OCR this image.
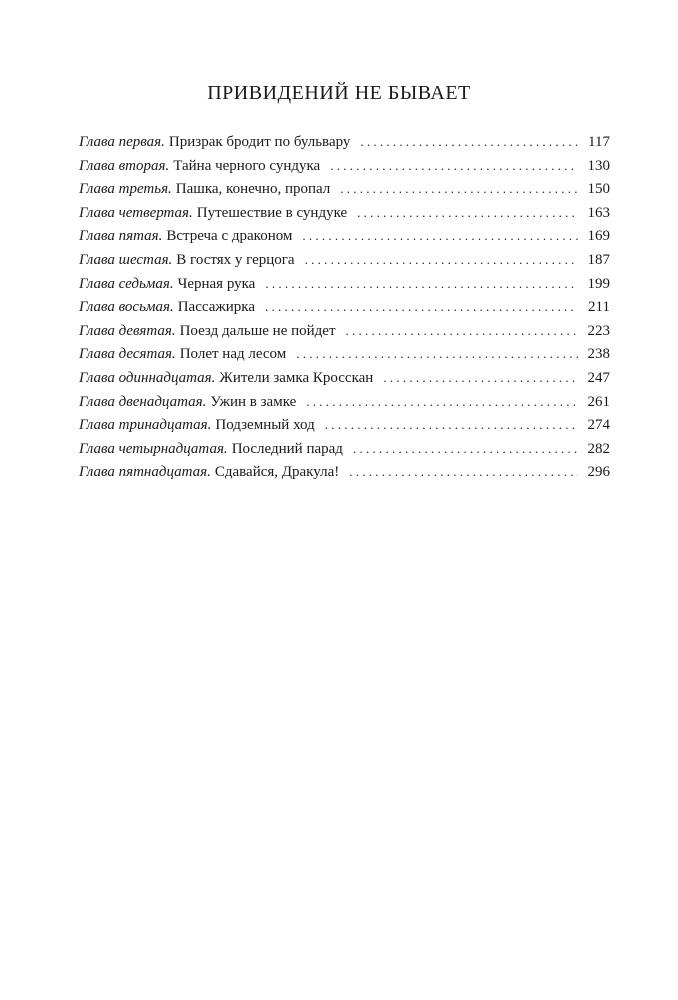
ПРИВИДЕНИЙ НЕ БЫВАЕТ
Глава первая. Призрак бродит по бульвару . . .	117
Глава вторая. Тайна черного сундука . . .	130
Глава третья. Пашка, конечно, пропал . . .	150
Глава четвертая. Путешествие в сундуке . . .	163
Глава пятая. Встреча с драконом . . .	169
Глава шестая. В гостях у герцога . . .	187
Глава седьмая. Черная рука . . .	199
Глава восьмая. Пассажирка . . .	211
Глава девятая. Поезд дальше не пойдет . . .	223
Глава десятая. Полет над лесом . . .	238
Глава одиннадцатая. Жители замка Кросскан . . .	247
Глава двенадцатая. Ужин в замке . . .	261
Глава тринадцатая. Подземный ход . . .	274
Глава четырнадцатая. Последний парад . . .	282
Глава пятнадцатая. Сдавайся, Дракула! . . .	296
